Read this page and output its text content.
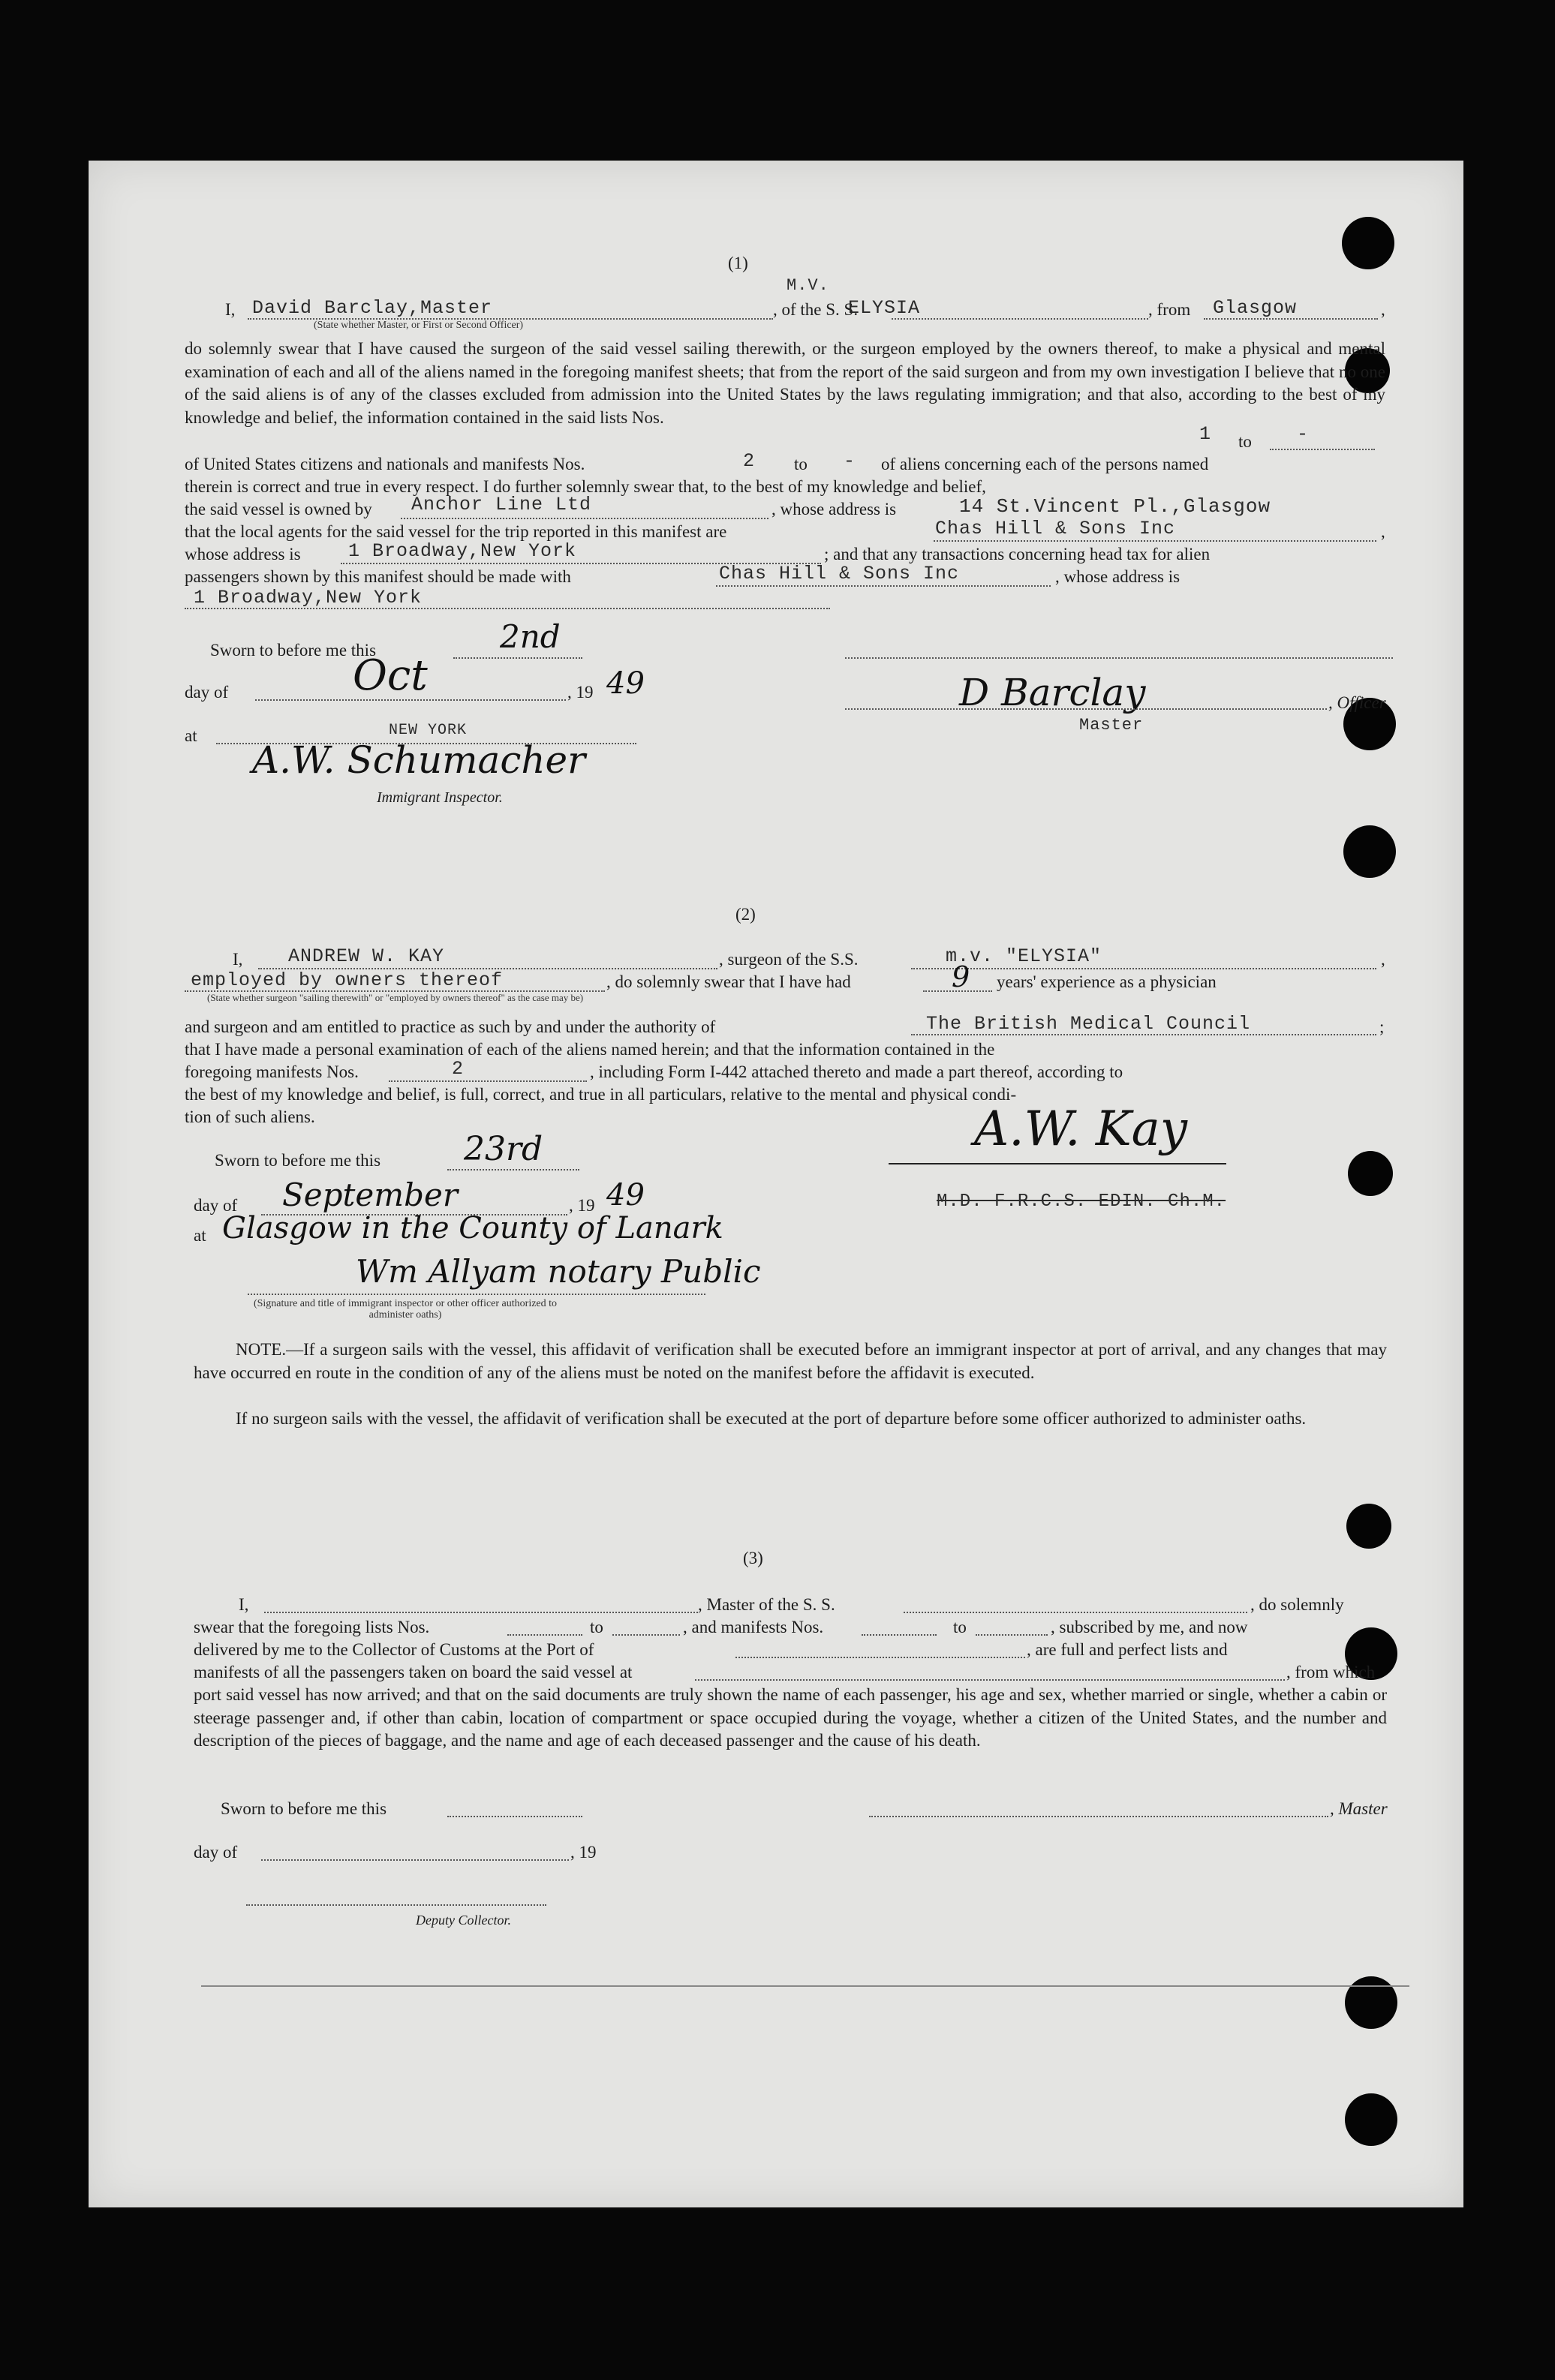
(1)
M.V.
I, David Barclay,Master	, of the S. S.
ELYSIA	, from Glasgow	,
(State whether Master, or First or Second Officer)
do solemnly swear that I have caused the surgeon of the said vessel sailing therewith, or the surgeon employed by the owners thereof, to make a physical and mental examination of each and all of the aliens named in the foregoing manifest sheets; that from the report of the said surgeon and from my own investigation I believe that no one of the said aliens is of any of the classes excluded from admission into the United States by the laws regulating immigration; and that also, according to the best of my knowledge and belief, the information contained in the said lists Nos.
1 to -
of United States citizens and nationals and manifests Nos.	2 to - of aliens concerning each of the persons named
therein is correct and true in every respect. I do further solemnly swear that, to the best of my knowledge and belief,
the said vessel is owned by Anchor Line Ltd	, whose address is	14 St.Vincent Pl.,Glasgow
that the local agents for the said vessel for the trip reported in this manifest are	Chas Hill & Sons Inc	,
whose address is	1 Broadway,New York	; and that any transactions concerning head tax for alien
passengers shown by this manifest should be made with	Chas Hill & Sons Inc	, whose address is
1 Broadway,New York
Sworn to before me this	2nd
day of	Oct	, 19 49	D Barclay	, Officer
Master
at	NEW YORK
A.W. Schumacher
Immigrant Inspector.
(2)
I, ANDREW W. KAY	, surgeon of the S.S.	m.v. "ELYSIA"	,
employed by owners thereof	, do solemnly swear that I have had	9 years' experience as a physician
(State whether surgeon "sailing therewith" or "employed by owners thereof" as the case may be)
and surgeon and am entitled to practice as such by and under the authority of	The British Medical Council	;
that I have made a personal examination of each of the aliens named herein; and that the information contained in the
foregoing manifests Nos.	2	, including Form I-442 attached thereto and made a part thereof, according to
the best of my knowledge and belief, is full, correct, and true in all particulars, relative to the mental and physical condi-
tion of such aliens.	A.W. Kay
M.D. F.R.C.S. EDIN. Ch.M.
Sworn to before me this	23rd
day of September	, 19 49
at Glasgow in the County of Lanark
Wm Allyam notary Public
(Signature and title of immigrant inspector or other officer authorized to administer oaths)
NOTE.—If a surgeon sails with the vessel, this affidavit of verification shall be executed before an immigrant inspector at port of arrival, and any changes that may have occurred en route in the condition of any of the aliens must be noted on the manifest before the affidavit is executed.
If no surgeon sails with the vessel, the affidavit of verification shall be executed at the port of departure before some officer authorized to administer oaths.
(3)
I,	, Master of the S. S.	, do solemnly
swear that the foregoing lists Nos.	to	, and manifests Nos.	to	, subscribed by me, and now
delivered by me to the Collector of Customs at the Port of	, are full and perfect lists and
manifests of all the passengers taken on board the said vessel at	, from which
port said vessel has now arrived; and that on the said documents are truly shown the name of each passenger, his age and sex, whether married or single, whether a cabin or steerage passenger and, if other than cabin, location of compartment or space occupied during the voyage, whether a citizen of the United States, and the number and description of the pieces of baggage, and the name and age of each deceased passenger and the cause of his death.
Sworn to before me this	, Master
day of	, 19
Deputy Collector.
